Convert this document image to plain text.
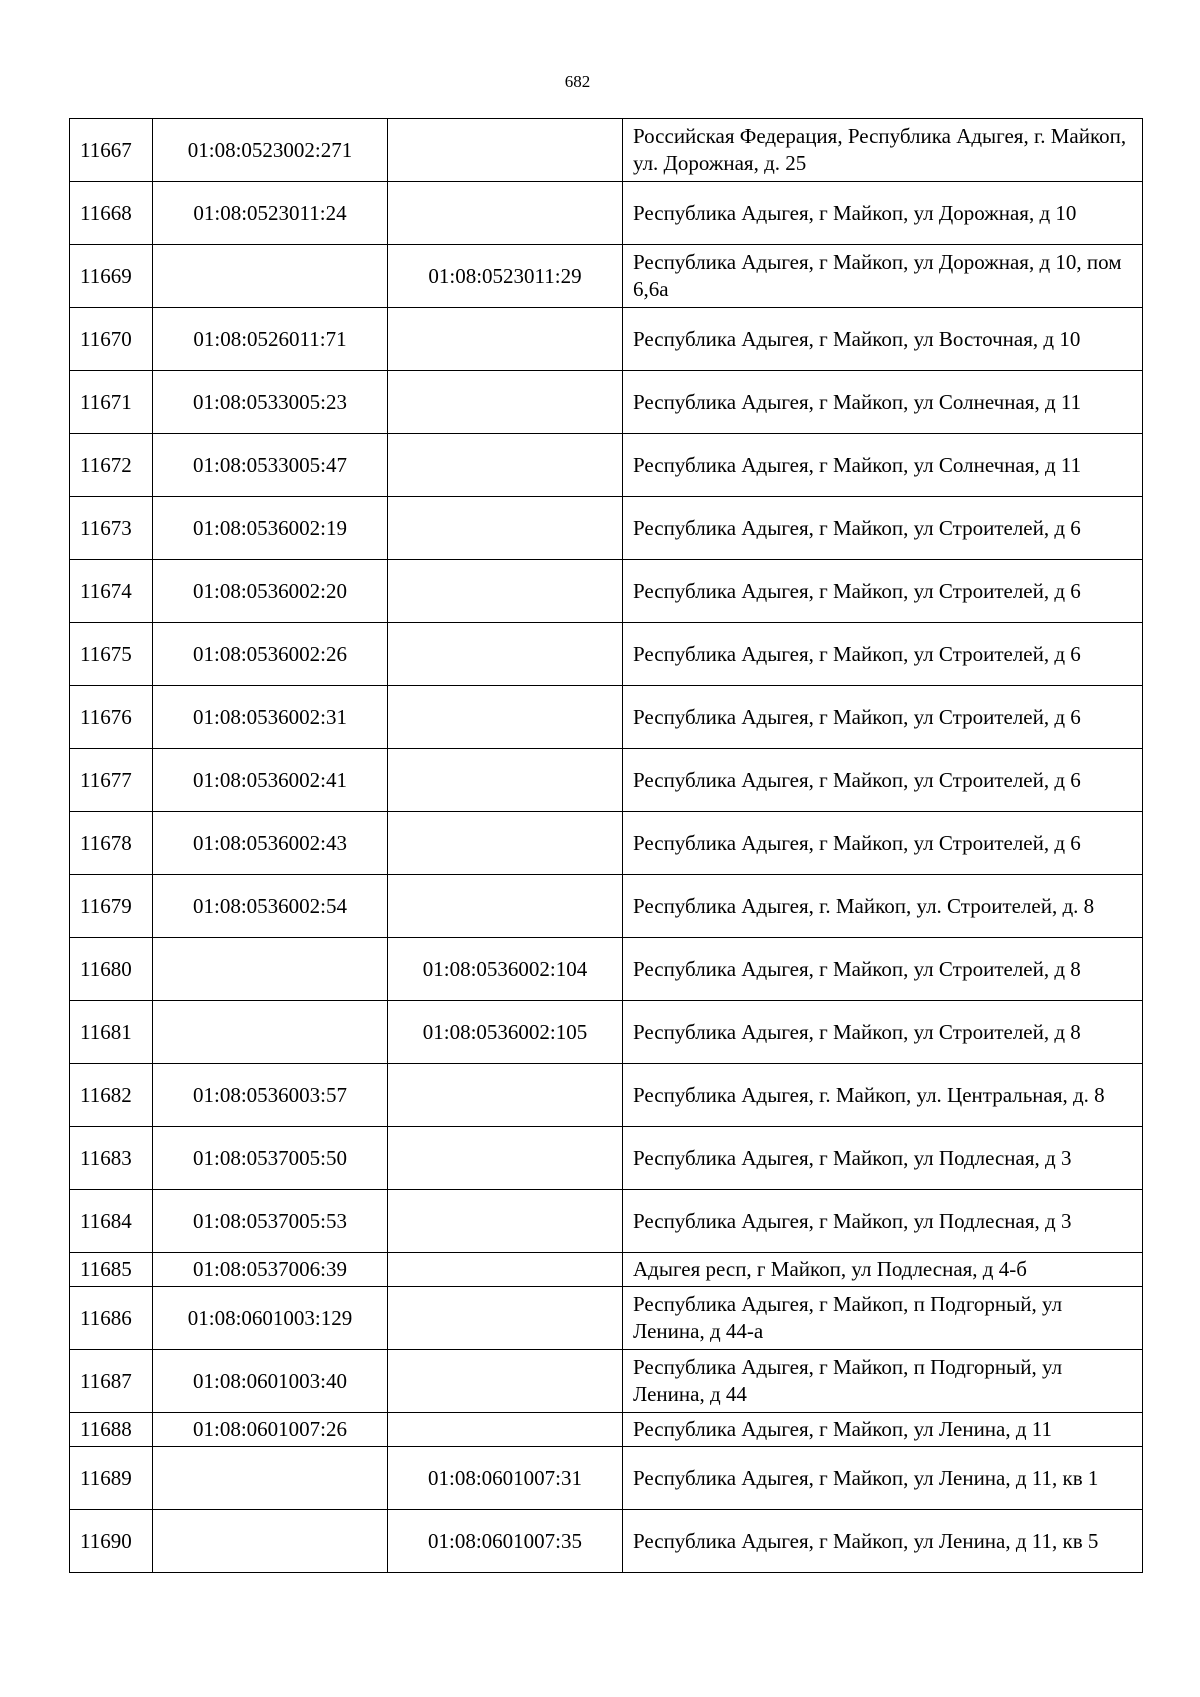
682
11667	01:08:0523002:271		Российская Федерация, Республика Адыгея, г. Майкоп, ул. Дорожная, д. 25
11668	01:08:0523011:24		Республика Адыгея, г Майкоп, ул Дорожная, д 10
11669		01:08:0523011:29	Республика Адыгея, г Майкоп, ул Дорожная, д 10, пом 6,6а
11670	01:08:0526011:71		Республика Адыгея, г Майкоп, ул Восточная, д 10
11671	01:08:0533005:23		Республика Адыгея, г Майкоп, ул Солнечная, д 11
11672	01:08:0533005:47		Республика Адыгея, г Майкоп, ул Солнечная, д 11
11673	01:08:0536002:19		Республика Адыгея, г Майкоп, ул Строителей, д 6
11674	01:08:0536002:20		Республика Адыгея, г Майкоп, ул Строителей, д 6
11675	01:08:0536002:26		Республика Адыгея, г Майкоп, ул Строителей, д 6
11676	01:08:0536002:31		Республика Адыгея, г Майкоп, ул Строителей, д 6
11677	01:08:0536002:41		Республика Адыгея, г Майкоп, ул Строителей, д 6
11678	01:08:0536002:43		Республика Адыгея, г Майкоп, ул Строителей, д 6
11679	01:08:0536002:54		Республика Адыгея, г. Майкоп, ул. Строителей, д. 8
11680		01:08:0536002:104	Республика Адыгея, г Майкоп, ул Строителей, д 8
11681		01:08:0536002:105	Республика Адыгея, г Майкоп, ул Строителей, д 8
11682	01:08:0536003:57		Республика Адыгея, г. Майкоп, ул. Центральная, д. 8
11683	01:08:0537005:50		Республика Адыгея, г Майкоп, ул Подлесная, д 3
11684	01:08:0537005:53		Республика Адыгея, г Майкоп, ул Подлесная, д 3
11685	01:08:0537006:39		Адыгея респ, г Майкоп, ул Подлесная, д 4-б
11686	01:08:0601003:129		Республика Адыгея, г Майкоп, п Подгорный, ул Ленина, д 44-а
11687	01:08:0601003:40		Республика Адыгея, г Майкоп, п Подгорный, ул Ленина, д 44
11688	01:08:0601007:26		Республика Адыгея, г Майкоп, ул Ленина, д 11
11689		01:08:0601007:31	Республика Адыгея, г Майкоп, ул Ленина, д 11, кв 1
11690		01:08:0601007:35	Республика Адыгея, г Майкоп, ул Ленина, д 11, кв 5
